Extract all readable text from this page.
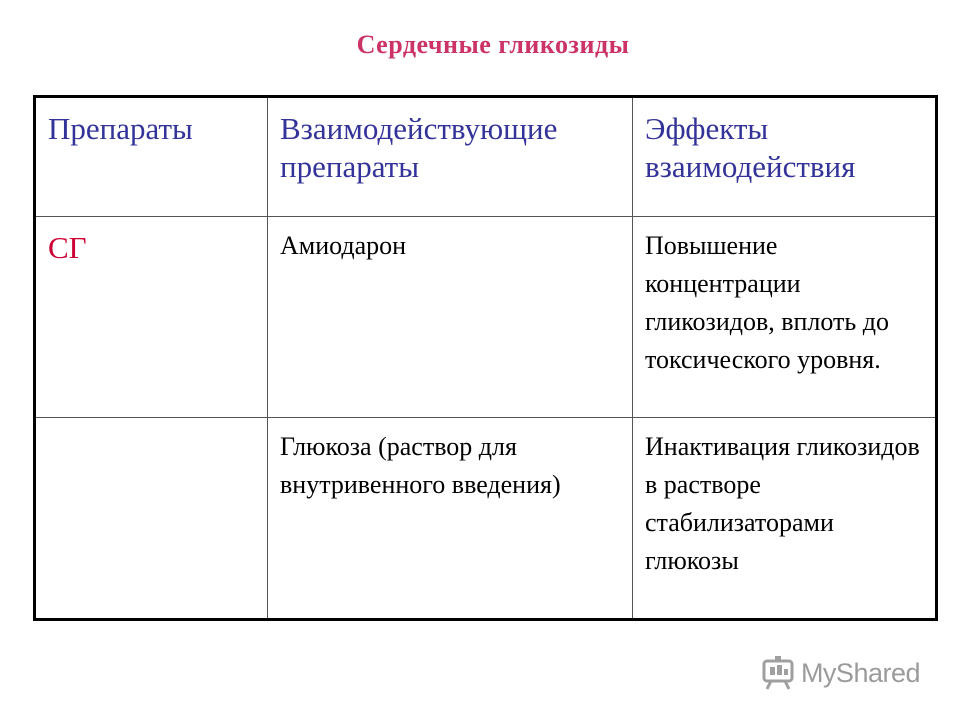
Сердечные гликозиды
Препараты	Взаимодействующие препараты	Эффекты взаимодействия

СГ	Амиодарон	Повышение концентрации гликозидов, вплоть до токсического уровня.

	Глюкоза (раствор для внутривенного введения)	Инактивация гликозидов в растворе стабилизаторами глюкозы
MyShared
